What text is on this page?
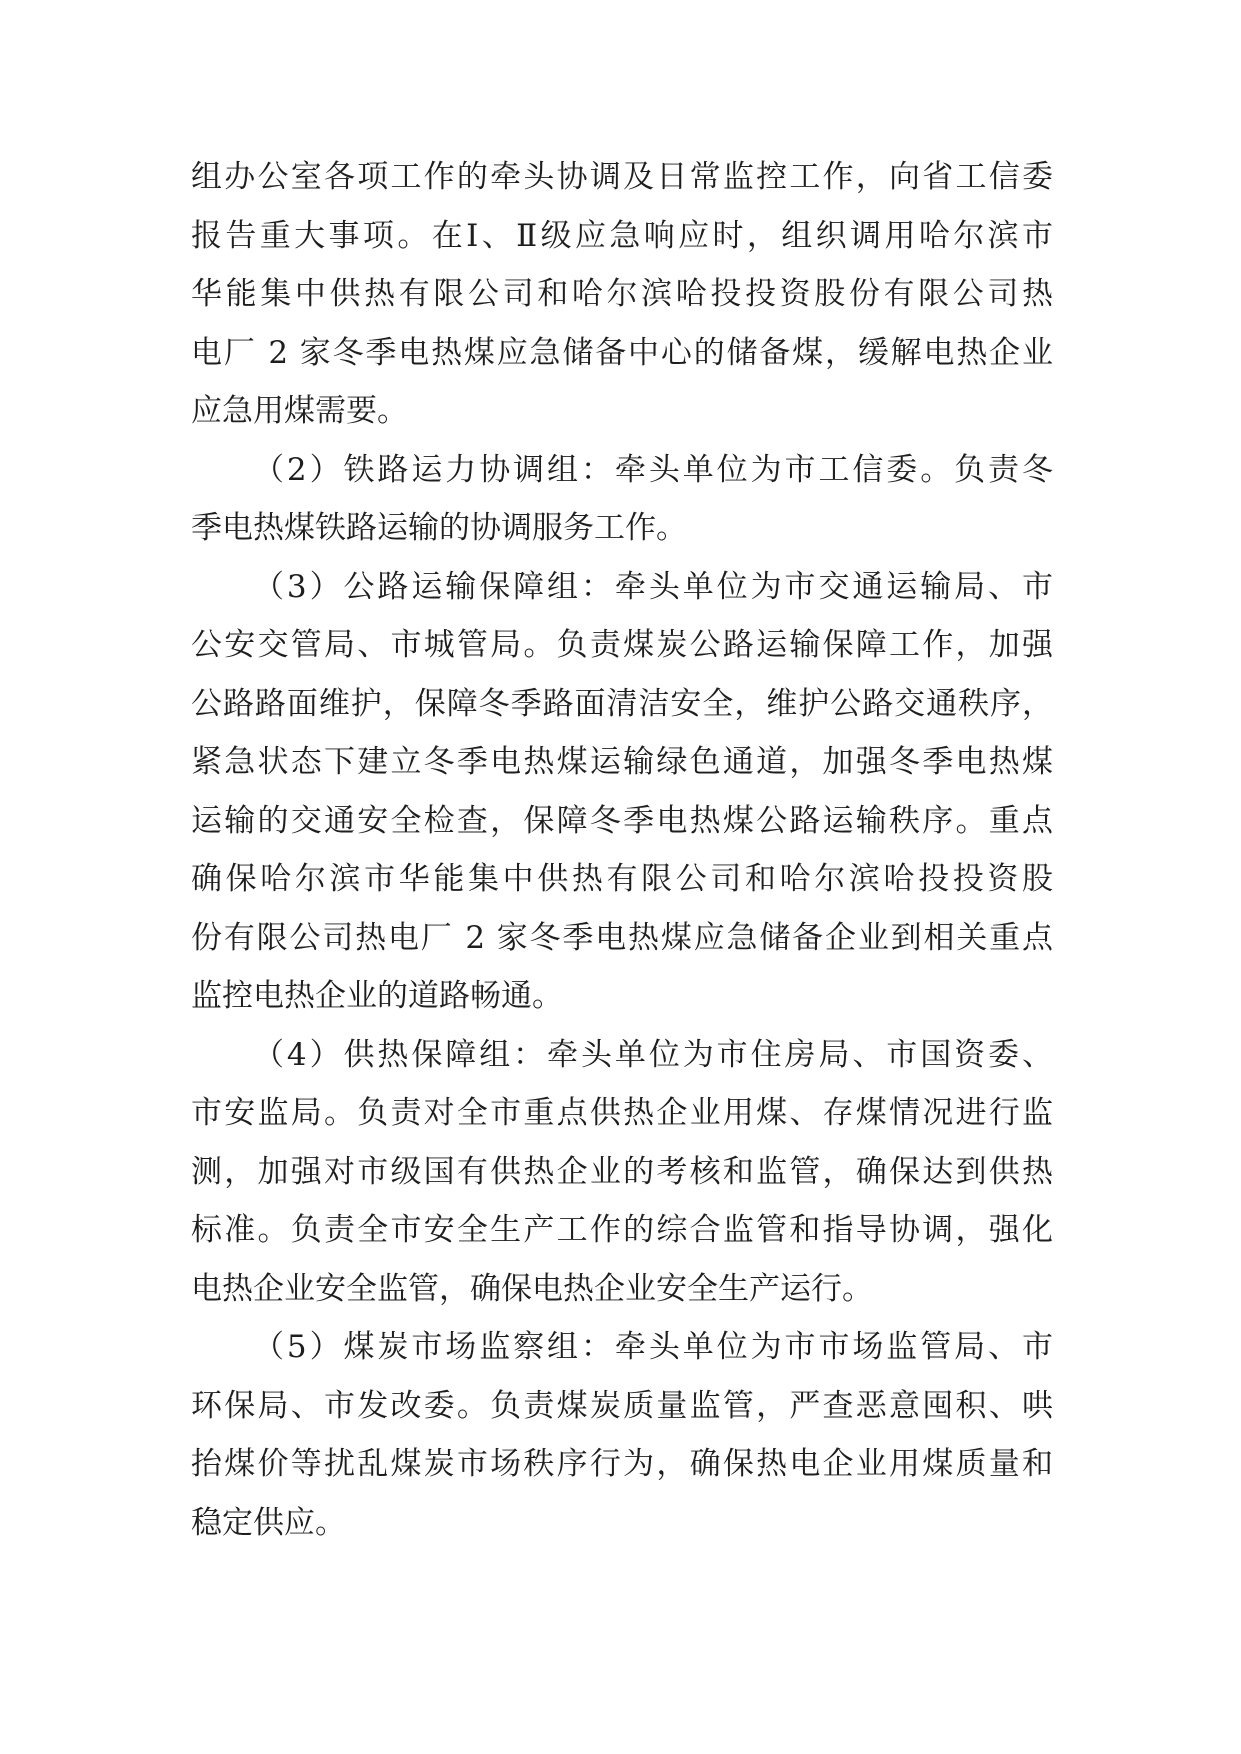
组办公室各项工作的牵头协调及日常监控工作，向省工信委
报告重大事项。在Ⅰ、Ⅱ级应急响应时，组织调用哈尔滨市
华能集中供热有限公司和哈尔滨哈投投资股份有限公司热
电厂 2 家冬季电热煤应急储备中心的储备煤，缓解电热企业
应急用煤需要。
（2）铁路运力协调组：牵头单位为市工信委。负责冬
季电热煤铁路运输的协调服务工作。
（3）公路运输保障组：牵头单位为市交通运输局、市
公安交管局、市城管局。负责煤炭公路运输保障工作，加强
公路路面维护，保障冬季路面清洁安全，维护公路交通秩序，
紧急状态下建立冬季电热煤运输绿色通道，加强冬季电热煤
运输的交通安全检查，保障冬季电热煤公路运输秩序。重点
确保哈尔滨市华能集中供热有限公司和哈尔滨哈投投资股
份有限公司热电厂 2 家冬季电热煤应急储备企业到相关重点
监控电热企业的道路畅通。
（4）供热保障组：牵头单位为市住房局、市国资委、
市安监局。负责对全市重点供热企业用煤、存煤情况进行监
测，加强对市级国有供热企业的考核和监管，确保达到供热
标准。负责全市安全生产工作的综合监管和指导协调，强化
电热企业安全监管，确保电热企业安全生产运行。
（5）煤炭市场监察组：牵头单位为市市场监管局、市
环保局、市发改委。负责煤炭质量监管，严查恶意囤积、哄
抬煤价等扰乱煤炭市场秩序行为，确保热电企业用煤质量和
稳定供应。
